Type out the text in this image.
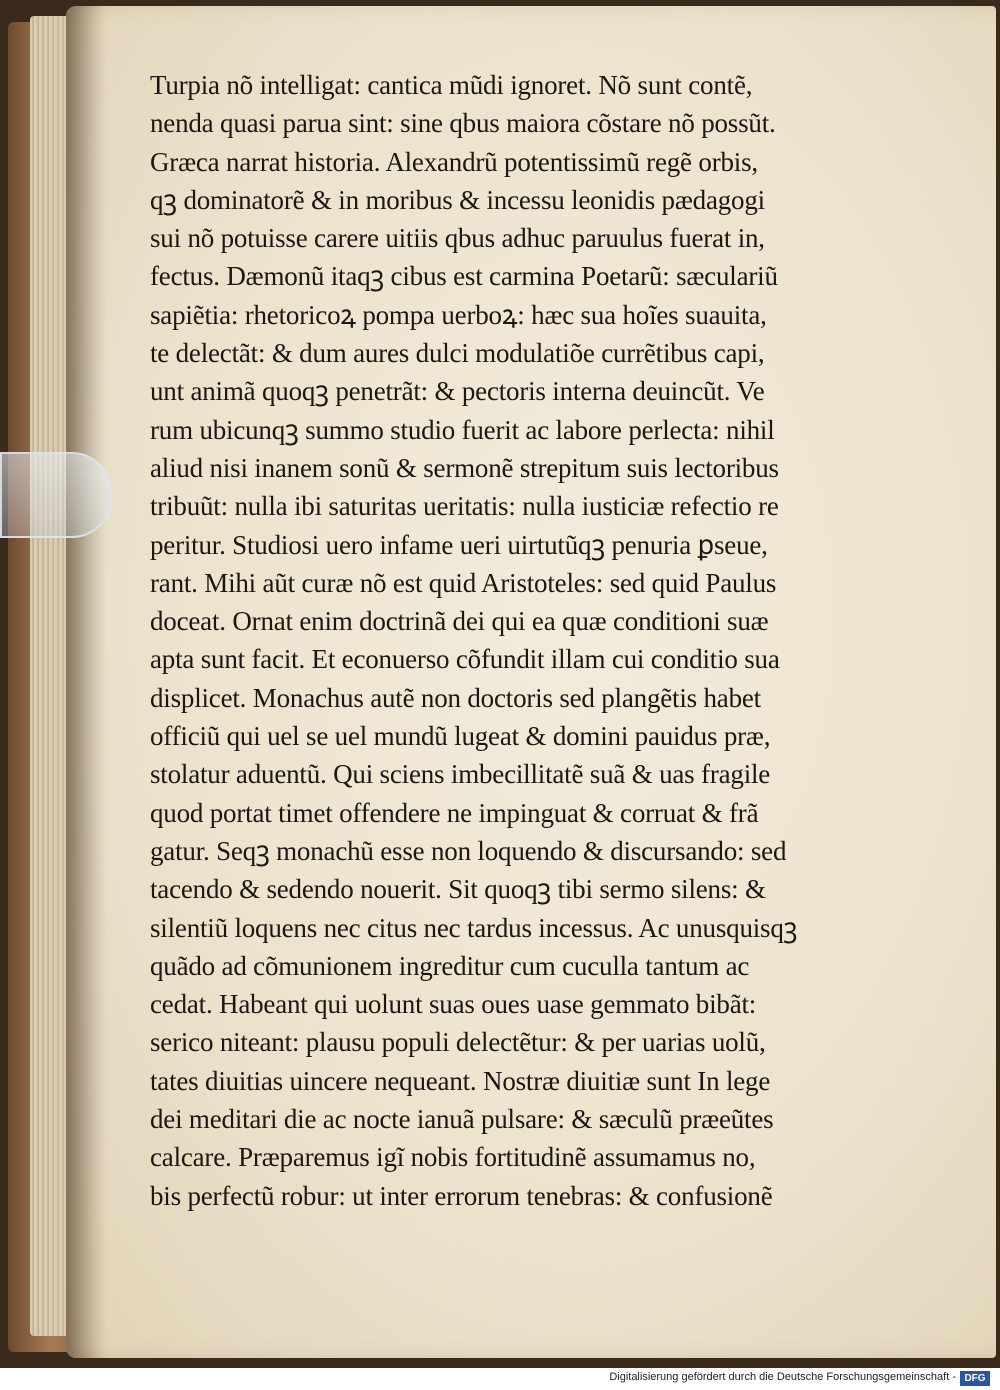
Turpia nõ intelligat: cantica mũdi ignoret. Nõ sunt contẽ,
nenda quasi parua sint: sine qbus maiora cõstare nõ possũt.
Græca narrat historia. Alexandrũ potentissimũ regẽ orbis,
qꝫ dominatorẽ & in moribus & incessu leonidis pædagogi
sui nõ potuisse carere uitiis qbus adhuc paruulus fuerat in,
fectus. Dæmonũ itaqꝫ cibus est carmina Poetarũ: sæculariũ
sapiẽtia: rhetoricoꝝ pompa uerboꝝ: hæc sua hoĩes suauita,
te delectãt: & dum aures dulci modulatiõe currẽtibus capi,
unt animã quoqꝫ penetrãt: & pectoris interna deuincũt. Ve
rum ubicunqꝫ summo studio fuerit ac labore perlecta: nihil
aliud nisi inanem sonũ & sermonẽ strepitum suis lectoribus
tribuũt: nulla ibi saturitas ueritatis: nulla iusticiæ refectio re
peritur. Studiosi uero infame ueri uirtutũqꝫ penuria ꝑseue,
rant. Mihi aũt curæ nõ est quid Aristoteles: sed quid Paulus
doceat. Ornat enim doctrinã dei qui ea quæ conditioni suæ
apta sunt facit. Et econuerso cõfundit illam cui conditio sua
displicet. Monachus autẽ non doctoris sed plangẽtis habet
officiũ qui uel se uel mundũ lugeat & domini pauidus præ,
stolatur aduentũ. Qui sciens imbecillitatẽ suã & uas fragile
quod portat timet offendere ne impinguat & corruat & frã
gatur. Seqꝫ monachũ esse non loquendo & discursando: sed
tacendo & sedendo nouerit. Sit quoqꝫ tibi sermo silens: &
silentiũ loquens nec citus nec tardus incessus. Ac unusquisqꝫ
quãdo ad cõmunionem ingreditur cum cuculla tantum ac
cedat. Habeant qui uolunt suas oues uase gemmato bibãt:
serico niteant: plausu populi delectẽtur: & per uarias uolũ,
tates diuitias uincere nequeant. Nostræ diuitiæ sunt In lege
dei meditari die ac nocte ianuã pulsare: & sæculũ præeũtes
calcare. Præparemus igĩ nobis fortitudinẽ assumamus no,
bis perfectũ robur: ut inter errorum tenebras: & confusionẽ
Digitalisierung gefördert durch die Deutsche Forschungsgemeinschaft - DFG
